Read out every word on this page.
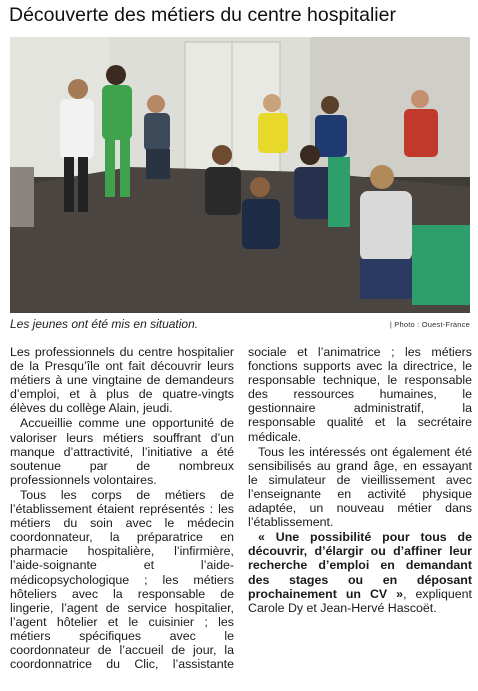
Découverte des métiers du centre hospitalier
Les jeunes ont été mis en situation.	| Photo : Ouest-France

Les professionnels du centre hospitalier de la Presqu’île ont fait découvrir leurs métiers à une vingtaine de demandeurs d’emploi, et à plus de quatre-vingts élèves du collège Alain, jeudi.

Accueillie comme une opportunité de valoriser leurs métiers souffrant d’un manque d’attractivité, l’initiative a été soutenue par de nombreux professionnels volontaires.

Tous les corps de métiers de l’établissement étaient représentés : les métiers du soin avec le médecin coordonnateur, la préparatrice en pharmacie hospitalière, l’infirmière, l’aide-soignante et l’aide-médicopsychologique ; les métiers hôteliers avec la responsable de lingerie, l’agent de service hospitalier, l’agent hôtelier et le cuisinier ; les métiers spécifiques avec le coordonnateur de l’accueil de jour, la coordonnatrice du Clic, l’assistante sociale et l’animatrice ; les métiers fonctions supports avec la directrice, le responsable technique, le responsable des ressources humaines, le gestionnaire administratif, la responsable qualité et la secrétaire médicale.

Tous les intéressés ont également été sensibilisés au grand âge, en essayant le simulateur de vieillissement avec l’enseignante en activité physique adaptée, un nouveau métier dans l’établissement.

« Une possibilité pour tous de découvrir, d’élargir ou d’affiner leur recherche d’emploi en demandant des stages ou en déposant prochainement un CV », expliquent Carole Dy et Jean-Hervé Hascoët.
